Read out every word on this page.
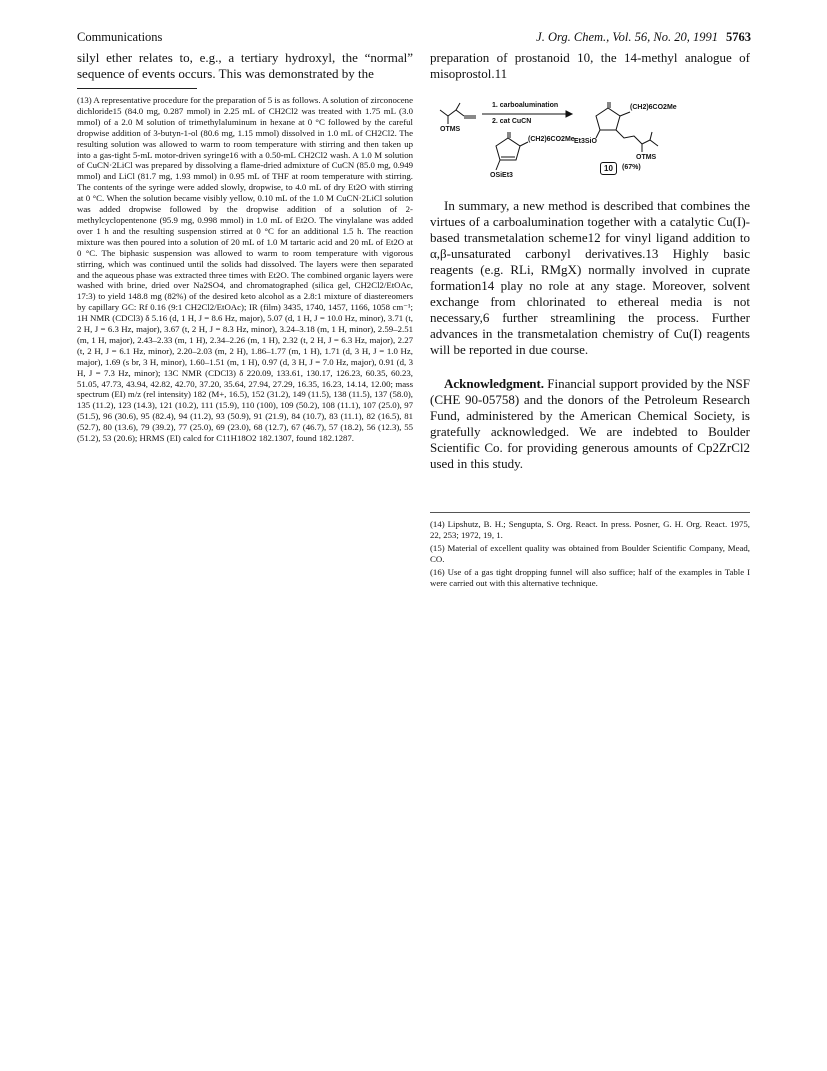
Communications	J. Org. Chem., Vol. 56, No. 20, 1991 5763

silyl ether relates to, e.g., a tertiary hydroxyl, the “normal” sequence of events occurs. This was demonstrated by the

(13) A representative procedure for the preparation of 5 is as follows. A solution of zirconocene dichloride15 (84.0 mg, 0.287 mmol) in 2.25 mL of CH2Cl2 was treated with 1.75 mL (3.0 mmol) of a 2.0 M solution of trimethylaluminum in hexane at 0 °C followed by the careful dropwise addition of 3-butyn-1-ol (80.6 mg, 1.15 mmol) dissolved in 1.0 mL of CH2Cl2. The resulting solution was allowed to warm to room temperature with stirring and then taken up into a gas-tight 5-mL motor-driven syringe16 with a 0.50-mL CH2Cl2 wash. A 1.0 M solution of CuCN·2LiCl was prepared by dissolving a flame-dried admixture of CuCN (85.0 mg, 0.949 mmol) and LiCl (81.7 mg, 1.93 mmol) in 0.95 mL of THF at room temperature with stirring. The contents of the syringe were added slowly, dropwise, to 4.0 mL of dry Et2O with stirring at 0 °C. When the solution became visibly yellow, 0.10 mL of the 1.0 M CuCN·2LiCl solution was added dropwise followed by the dropwise addition of a solution of 2-methylcyclopentenone (95.9 mg, 0.998 mmol) in 1.0 mL of Et2O. The vinylalane was added over 1 h and the resulting suspension stirred at 0 °C for an additional 1.5 h. The reaction mixture was then poured into a solution of 20 mL of 1.0 M tartaric acid and 20 mL of Et2O at 0 °C. The biphasic suspension was allowed to warm to room temperature with vigorous stirring, which was continued until the solids had dissolved. The layers were then separated and the aqueous phase was extracted three times with Et2O. The combined organic layers were washed with brine, dried over Na2SO4, and chromatographed (silica gel, CH2Cl2/EtOAc, 17:3) to yield 148.8 mg (82%) of the desired keto alcohol as a 2.8:1 mixture of diastereomers by capillary GC: Rf 0.16 (9:1 CH2Cl2/EtOAc); IR (film) 3435, 1740, 1457, 1166, 1058 cm⁻¹; 1H NMR (CDCl3) δ 5.16 (d, 1 H, J = 8.6 Hz, major), 5.07 (d, 1 H, J = 10.0 Hz, minor), 3.71 (t, 2 H, J = 6.3 Hz, major), 3.67 (t, 2 H, J = 8.3 Hz, minor), 3.24–3.18 (m, 1 H, minor), 2.59–2.51 (m, 1 H, major), 2.43–2.33 (m, 1 H), 2.34–2.26 (m, 1 H), 2.32 (t, 2 H, J = 6.3 Hz, major), 2.27 (t, 2 H, J = 6.1 Hz, minor), 2.20–2.03 (m, 2 H), 1.86–1.77 (m, 1 H), 1.71 (d, 3 H, J = 1.0 Hz, major), 1.69 (s br, 3 H, minor), 1.60–1.51 (m, 1 H), 0.97 (d, 3 H, J = 7.0 Hz, major), 0.91 (d, 3 H, J = 7.3 Hz, minor); 13C NMR (CDCl3) δ 220.09, 133.61, 130.17, 126.23, 60.35, 60.23, 51.05, 47.73, 43.94, 42.82, 42.70, 37.20, 35.64, 27.94, 27.29, 16.35, 16.23, 14.14, 12.00; mass spectrum (EI) m/z (rel intensity) 182 (M+, 16.5), 152 (31.2), 149 (11.5), 138 (11.5), 137 (58.0), 135 (11.2), 123 (14.3), 121 (10.2), 111 (15.9), 110 (100), 109 (50.2), 108 (11.1), 107 (25.0), 97 (51.5), 96 (30.6), 95 (82.4), 94 (11.2), 93 (50.9), 91 (21.9), 84 (10.7), 83 (11.1), 82 (16.5), 81 (52.7), 80 (13.6), 79 (39.2), 77 (25.0), 69 (23.0), 68 (12.7), 67 (46.7), 57 (18.2), 56 (12.3), 55 (51.2), 53 (20.6); HRMS (EI) calcd for C11H18O2 182.1307, found 182.1287.

preparation of prostanoid 10, the 14-methyl analogue of misoprostol.11

1. carboalumination
2. cat CuCN
OTMS
(CH2)6CO2Me
OSiEt3
(CH2)6CO2Me
Et3SiO
OTMS
10	(67%)

In summary, a new method is described that combines the virtues of a carboalumination together with a catalytic Cu(I)-based transmetalation scheme12 for vinyl ligand addition to α,β-unsaturated carbonyl derivatives.13 Highly basic reagents (e.g. RLi, RMgX) normally involved in cuprate formation14 play no role at any stage. Moreover, solvent exchange from chlorinated to ethereal media is not necessary,6 further streamlining the process. Further advances in the transmetalation chemistry of Cu(I) reagents will be reported in due course.

Acknowledgment. Financial support provided by the NSF (CHE 90-05758) and the donors of the Petroleum Research Fund, administered by the American Chemical Society, is gratefully acknowledged. We are indebted to Boulder Scientific Co. for providing generous amounts of Cp2ZrCl2 used in this study.

(14) Lipshutz, B. H.; Sengupta, S. Org. React. In press. Posner, G. H. Org. React. 1975, 22, 253; 1972, 19, 1.

(15) Material of excellent quality was obtained from Boulder Scientific Company, Mead, CO.

(16) Use of a gas tight dropping funnel will also suffice; half of the examples in Table I were carried out with this alternative technique.
